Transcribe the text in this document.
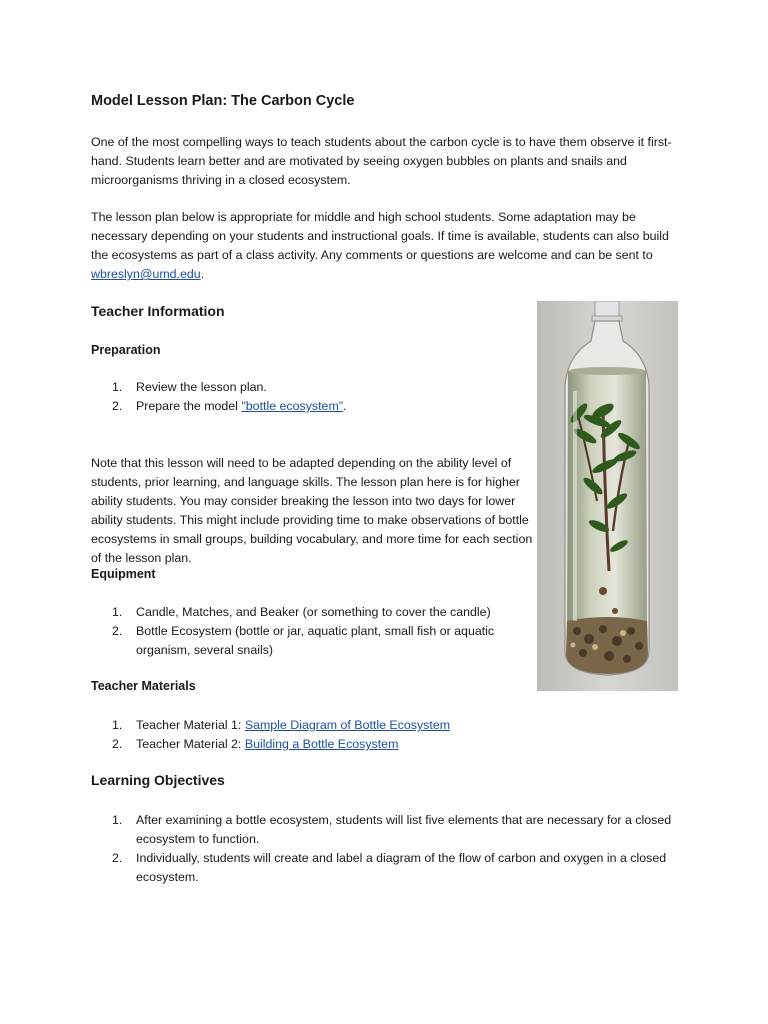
Model Lesson Plan: The Carbon Cycle

One of the most compelling ways to teach students about the carbon cycle is to have them observe it first-hand. Students learn better and are motivated by seeing oxygen bubbles on plants and snails and microorganisms thriving in a closed ecosystem.

The lesson plan below is appropriate for middle and high school students. Some adaptation may be necessary depending on your students and instructional goals. If time is available, students can also build the ecosystems as part of a class activity. Any comments or questions are welcome and can be sent to wbreslyn@umd.edu.

Teacher Information
Preparation
1. Review the lesson plan.
2. Prepare the model "bottle ecosystem".

Note that this lesson will need to be adapted depending on the ability level of students, prior learning, and language skills. The lesson plan here is for higher ability students. You may consider breaking the lesson into two days for lower ability students. This might include providing time to make observations of bottle ecosystems in small groups, building vocabulary, and more time for each section of the lesson plan.

Equipment
1. Candle, Matches, and Beaker (or something to cover the candle)
2. Bottle Ecosystem (bottle or jar, aquatic plant, small fish or aquatic organism, several snails)
Teacher Materials
1. Teacher Material 1: Sample Diagram of Bottle Ecosystem
2. Teacher Material 2: Building a Bottle Ecosystem
Learning Objectives
1. After examining a bottle ecosystem, students will list five elements that are necessary for a closed ecosystem to function.
2. Individually, students will create and label a diagram of the flow of carbon and oxygen in a closed ecosystem.
